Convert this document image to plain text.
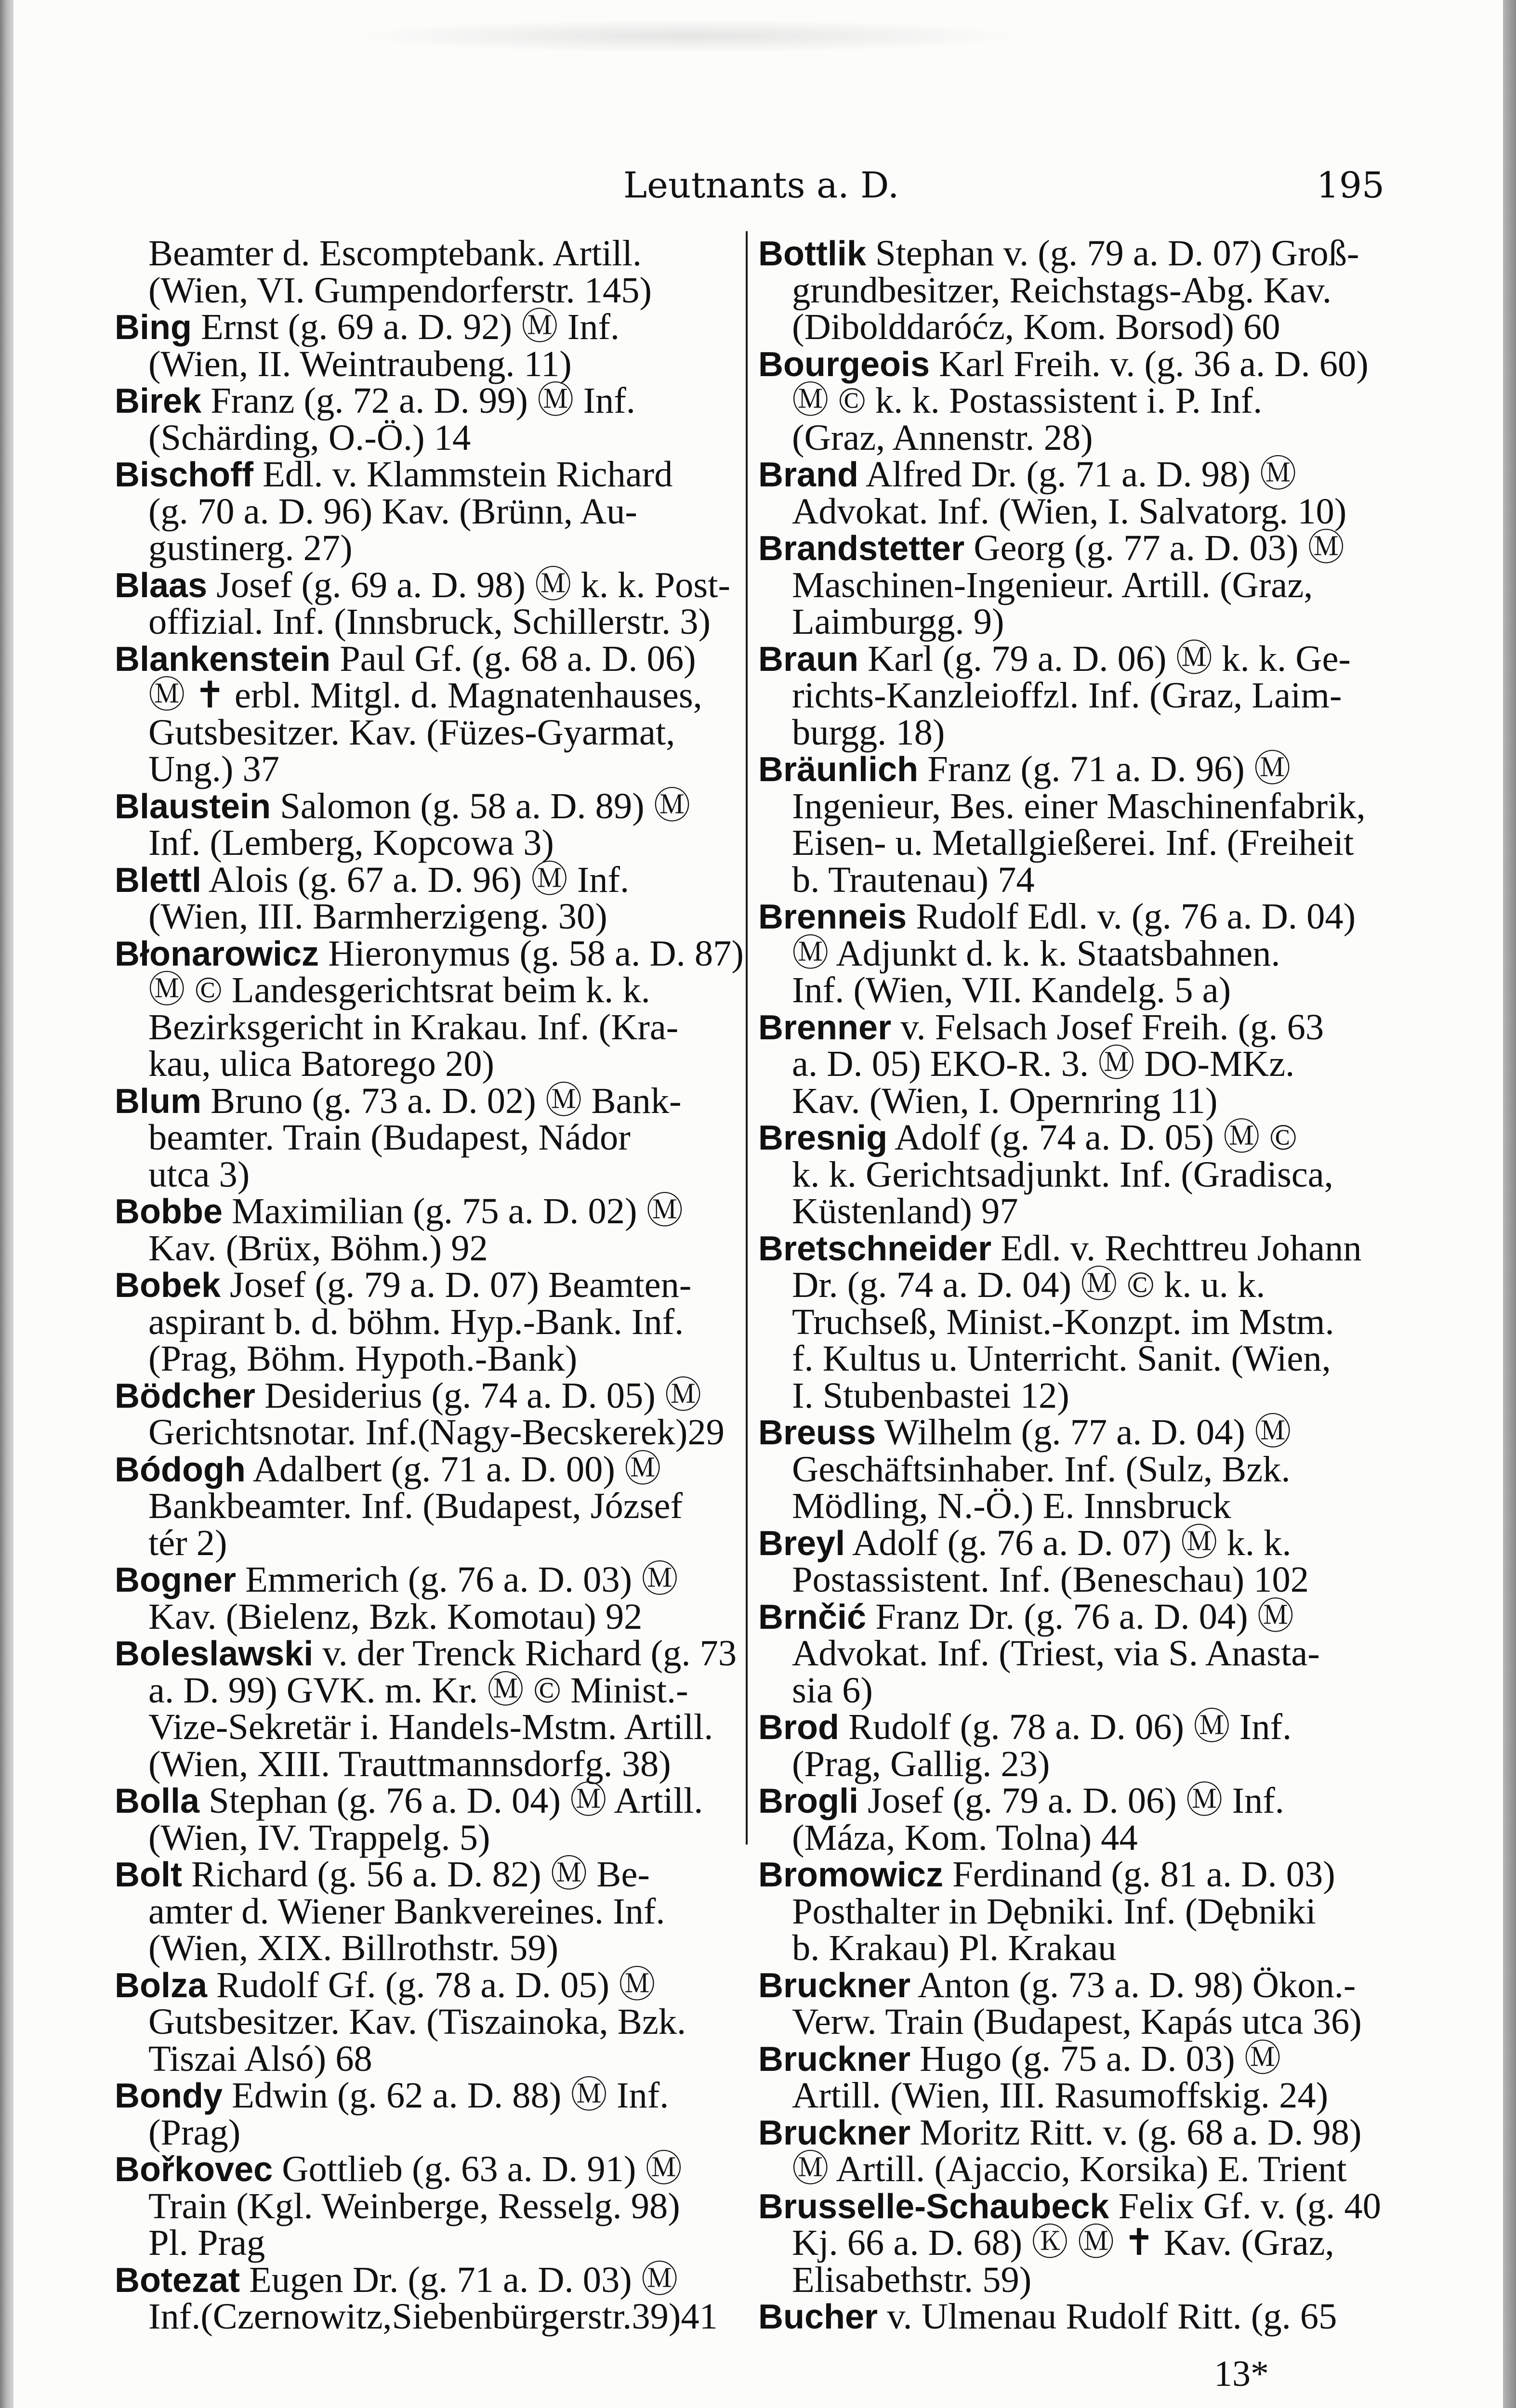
Leutnants a. D.	195
Beamter d. Escomptebank. Artill.
(Wien, VI. Gumpendorferstr. 145)
Bing Ernst (g. 69 a. D. 92) Ⓜ Inf.
(Wien, II. Weintraubeng. 11)
Birek Franz (g. 72 a. D. 99) Ⓜ Inf.
(Schärding, O.-Ö.) 14
Bischoff Edl. v. Klammstein Richard
(g. 70 a. D. 96) Kav. (Brünn, Au-
gustinerg. 27)
Blaas Josef (g. 69 a. D. 98) Ⓜ k. k. Post-
offizial. Inf. (Innsbruck, Schillerstr. 3)
Blankenstein Paul Gf. (g. 68 a. D. 06)
Ⓜ ✝ erbl. Mitgl. d. Magnatenhauses,
Gutsbesitzer. Kav. (Füzes-Gyarmat,
Ung.) 37
Blaustein Salomon (g. 58 a. D. 89) Ⓜ
Inf. (Lemberg, Kopcowa 3)
Blettl Alois (g. 67 a. D. 96) Ⓜ Inf.
(Wien, III. Barmherzigeng. 30)
Błonarowicz Hieronymus (g. 58 a. D. 87)
Ⓜ © Landesgerichtsrat beim k. k.
Bezirksgericht in Krakau. Inf. (Kra-
kau, ulica Batorego 20)
Blum Bruno (g. 73 a. D. 02) Ⓜ Bank-
beamter. Train (Budapest, Nádor
utca 3)
Bobbe Maximilian (g. 75 a. D. 02) Ⓜ
Kav. (Brüx, Böhm.) 92
Bobek Josef (g. 79 a. D. 07) Beamten-
aspirant b. d. böhm. Hyp.-Bank. Inf.
(Prag, Böhm. Hypoth.-Bank)
Bödcher Desiderius (g. 74 a. D. 05) Ⓜ
Gerichtsnotar. Inf.(Nagy-Becskerek)29
Bódogh Adalbert (g. 71 a. D. 00) Ⓜ
Bankbeamter. Inf. (Budapest, József
tér 2)
Bogner Emmerich (g. 76 a. D. 03) Ⓜ
Kav. (Bielenz, Bzk. Komotau) 92
Boleslawski v. der Trenck Richard (g. 73
a. D. 99) GVK. m. Kr. Ⓜ © Minist.-
Vize-Sekretär i. Handels-Mstm. Artill.
(Wien, XIII. Trauttmannsdorfg. 38)
Bolla Stephan (g. 76 a. D. 04) Ⓜ Artill.
(Wien, IV. Trappelg. 5)
Bolt Richard (g. 56 a. D. 82) Ⓜ Be-
amter d. Wiener Bankvereines. Inf.
(Wien, XIX. Billrothstr. 59)
Bolza Rudolf Gf. (g. 78 a. D. 05) Ⓜ
Gutsbesitzer. Kav. (Tiszainoka, Bzk.
Tiszai Alsó) 68
Bondy Edwin (g. 62 a. D. 88) Ⓜ Inf.
(Prag)
Bořkovec Gottlieb (g. 63 a. D. 91) Ⓜ
Train (Kgl. Weinberge, Resselg. 98)
Pl. Prag
Botezat Eugen Dr. (g. 71 a. D. 03) Ⓜ
Inf.(Czernowitz,Siebenbürgerstr.39)41
Bottlik Stephan v. (g. 79 a. D. 07) Groß-
grundbesitzer, Reichstags-Abg. Kav.
(Dibolddaróćz, Kom. Borsod) 60
Bourgeois Karl Freih. v. (g. 36 a. D. 60)
Ⓜ © k. k. Postassistent i. P. Inf.
(Graz, Annenstr. 28)
Brand Alfred Dr. (g. 71 a. D. 98) Ⓜ
Advokat. Inf. (Wien, I. Salvatorg. 10)
Brandstetter Georg (g. 77 a. D. 03) Ⓜ
Maschinen-Ingenieur. Artill. (Graz,
Laimburgg. 9)
Braun Karl (g. 79 a. D. 06) Ⓜ k. k. Ge-
richts-Kanzleioffzl. Inf. (Graz, Laim-
burgg. 18)
Bräunlich Franz (g. 71 a. D. 96) Ⓜ
Ingenieur, Bes. einer Maschinenfabrik,
Eisen- u. Metallgießerei. Inf. (Freiheit
b. Trautenau) 74
Brenneis Rudolf Edl. v. (g. 76 a. D. 04)
Ⓜ Adjunkt d. k. k. Staatsbahnen.
Inf. (Wien, VII. Kandelg. 5 a)
Brenner v. Felsach Josef Freih. (g. 63
a. D. 05) EKO-R. 3. Ⓜ DO-MKz.
Kav. (Wien, I. Opernring 11)
Bresnig Adolf (g. 74 a. D. 05) Ⓜ ©
k. k. Gerichtsadjunkt. Inf. (Gradisca,
Küstenland) 97
Bretschneider Edl. v. Rechttreu Johann
Dr. (g. 74 a. D. 04) Ⓜ © k. u. k.
Truchseß, Minist.-Konzpt. im Mstm.
f. Kultus u. Unterricht. Sanit. (Wien,
I. Stubenbastei 12)
Breuss Wilhelm (g. 77 a. D. 04) Ⓜ
Geschäftsinhaber. Inf. (Sulz, Bzk.
Mödling, N.-Ö.) E. Innsbruck
Breyl Adolf (g. 76 a. D. 07) Ⓜ k. k.
Postassistent. Inf. (Beneschau) 102
Brnčić Franz Dr. (g. 76 a. D. 04) Ⓜ
Advokat. Inf. (Triest, via S. Anasta-
sia 6)
Brod Rudolf (g. 78 a. D. 06) Ⓜ Inf.
(Prag, Gallig. 23)
Brogli Josef (g. 79 a. D. 06) Ⓜ Inf.
(Máza, Kom. Tolna) 44
Bromowicz Ferdinand (g. 81 a. D. 03)
Posthalter in Dębniki. Inf. (Dębniki
b. Krakau) Pl. Krakau
Bruckner Anton (g. 73 a. D. 98) Ökon.-
Verw. Train (Budapest, Kapás utca 36)
Bruckner Hugo (g. 75 a. D. 03) Ⓜ
Artill. (Wien, III. Rasumoffskig. 24)
Bruckner Moritz Ritt. v. (g. 68 a. D. 98)
Ⓜ Artill. (Ajaccio, Korsika) E. Trient
Brusselle-Schaubeck Felix Gf. v. (g. 40
Kj. 66 a. D. 68) Ⓚ Ⓜ ✝ Kav. (Graz,
Elisabethstr. 59)
Bucher v. Ulmenau Rudolf Ritt. (g. 65
13*
